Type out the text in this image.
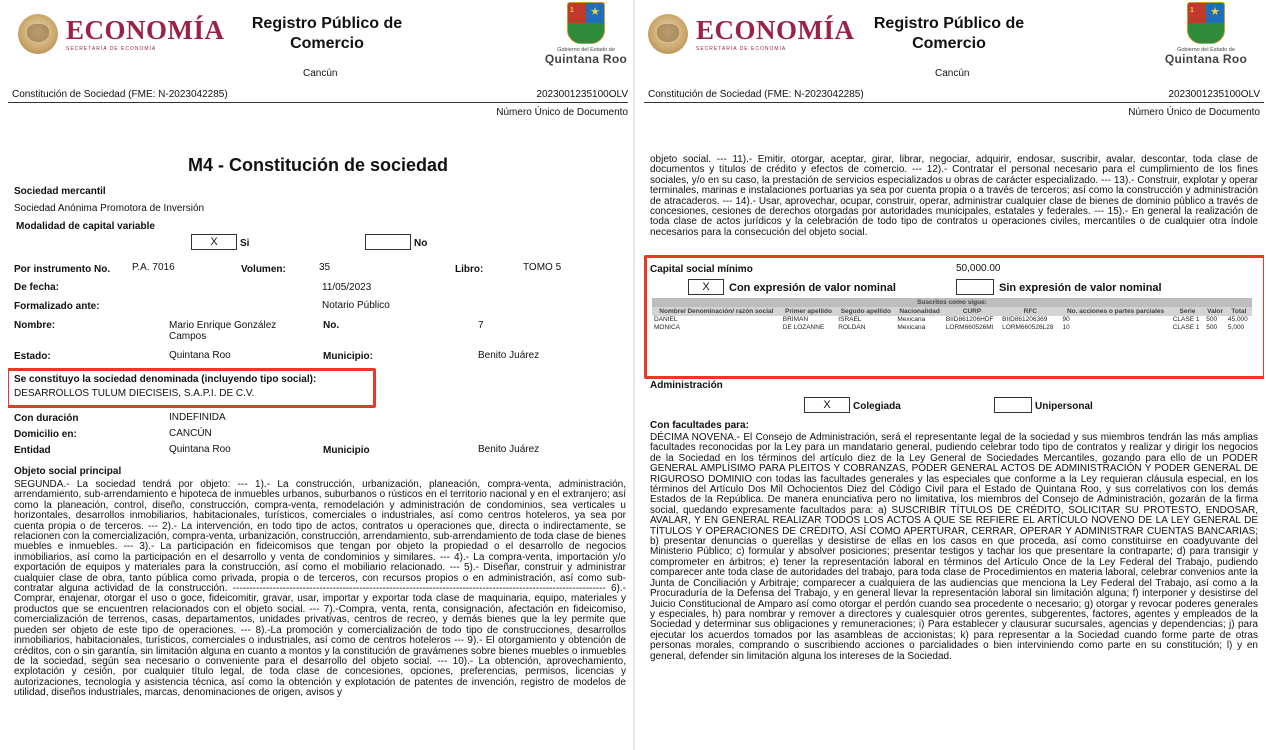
ECONOMÍA
SECRETARÍA DE ECONOMÍA
Registro Público de
Comercio
Cancún
1 ★
Gobierno del Estado de
Quintana Roo
Constitución de Sociedad (FME: N-2023042285)	2023001235100OLV
Número Único de Documento
M4 - Constitución de sociedad
Sociedad mercantil
Sociedad Anónima Promotora de Inversión
Modalidad de capital variable
X Si	No
Por instrumento No. P.A. 7016	Volumen:	35	Libro:	TOMO 5
De fecha:	11/05/2023
Formalizado ante:	Notario Público
Nombre:	Mario Enrique González
Campos
No.	7
Estado:	Quintana Roo	Municipio:	Benito Juárez
Se constituyo la sociedad denominada (incluyendo tipo social):
DESARROLLOS TULUM DIECISEIS, S.A.P.I. DE C.V.
Con duración	INDEFINIDA
Domicilio en:	CANCÚN
Entidad	Quintana Roo	Municipio	Benito Juárez
Objeto social principal
SEGUNDA.- La sociedad tendrá por objeto: --- 1).- La construcción, urbanización, planeación, compra-venta, administración, arrendamiento, sub-arrendamiento e hipoteca de inmuebles urbanos, suburbanos o rústicos en el territorio nacional y en el extranjero; así como la planeación, control, diseño, construcción, compra-venta, remodelación y administración de condominios, sea verticales u horizontales, desarrollos inmobiliarios, habitacionales, turísticos, comerciales o industriales, así como centros hoteleros, ya sea por cuenta propia o de terceros. --- 2).- La intervención, en todo tipo de actos, contratos u operaciones que, directa o indirectamente, se relacionen con la comercialización, compra-venta, urbanización, construcción, arrendamiento, sub-arrendamiento de toda clase de bienes muebles e inmuebles. --- 3).- La participación en fideicomisos que tengan por objeto la propiedad o el desarrollo de negocios inmobiliarios, así como la participación en el desarrollo y venta de condominios y similares. --- 4).- La compra-venta, importación y/o exportación de equipos y materiales para la construcción, así como el mobiliario relacionado. --- 5).- Diseñar, construir y administrar cualquier clase de obra, tanto pública como privada, propia o de terceros, con recursos propios o en administración, así como sub-contratar alguna actividad de la construcción. ---------------------------------------------------------------------------------------------------------------- 6).- Comprar, enajenar, otorgar el uso o goce, fideicomitir, gravar, usar, importar y exportar toda clase de maquinaria, equipo, materiales y productos que se encuentren relacionados con el objeto social. --- 7).-Compra, venta, renta, consignación, afectación en fideicomiso, comercialización de terrenos, casas, departamentos, unidades privativas, centros de recreo, y demás bienes que la ley permite que pueden ser objeto de este tipo de operaciones. --- 8).-La promoción y comercialización de todo tipo de construcciones, desarrollos inmobiliarios, habitacionales, turísticos, comerciales o industriales, así como de centros hoteleros --- 9).- El otorgamiento y obtención de créditos, con o sin garantía, sin limitación alguna en cuanto a montos y la constitución de gravámenes sobre bienes muebles o inmuebles de la sociedad, según sea necesario o conveniente para el desarrollo del objeto social. --- 10).- La obtención, aprovechamiento, explotación y cesión, por cualquier título legal, de toda clase de concesiones, opciones, preferencias, permisos, licencias y autorizaciones, tecnología y asistencia técnica, así como la obtención y explotación de patentes de invención, registro de modelos de utilidad, diseños industriales, marcas, denominaciones de origen, avisos y
ECONOMÍA
SECRETARÍA DE ECONOMÍA
Registro Público de
Comercio
Cancún
1 ★
Gobierno del Estado de
Quintana Roo
Constitución de Sociedad (FME: N-2023042285)	2023001235100OLV
Número Único de Documento
objeto social. --- 11).- Emitir, otorgar, aceptar, girar, librar, negociar, adquirir, endosar, suscribir, avalar, descontar, toda clase de documentos y títulos de crédito y efectos de comercio. --- 12).- Contratar el personal necesario para el cumplimiento de los fines sociales, y/o en su caso, la prestación de servicios especializados u obras de carácter especializado. --- 13).- Construir, explotar y operar terminales, marinas e instalaciones portuarias ya sea por cuenta propia o a través de terceros; así como la construcción y administración de atracaderos. --- 14).- Usar, aprovechar, ocupar, construir, operar, administrar cualquier clase de bienes de dominio público a través de concesiones, cesiones de derechos otorgadas por autoridades municipales, estatales y federales. --- 15).- En general la realización de toda clase de actos jurídicos y la celebración de todo tipo de contratos u operaciones civiles, mercantiles o de cualquier otra índole necesarios para la consecución del objeto social.
Capital social mínimo	50,000.00
X Con expresión de valor nominal	Sin expresión de valor nominal
Suscritos como sigue:
Nombre/ Denominación/ razón social	Primer apellido	Segudo apellido	Nacionalidad	CURP	RFC	No. acciones o partes parciales	Serie	Valor	Total
DANIEL	BRIMAN	ISRAEL	Mexicana	BIID861206HDF	BIID861206369	90	CLASE 1	500	45,000
MONICA	DE LOZANNE	ROLDAN	Mexicana	LORM660526MI	LORM660526L28	10	CLASE 1	500	5,000
Administración
X Colegiada	Unipersonal
Con facultades para:
DÉCIMA NOVENA.- El Consejo de Administración, será el representante legal de la sociedad y sus miembros tendrán las más amplias facultades reconocidas por la Ley para un mandatario general, pudiendo celebrar todo tipo de contratos y realizar y dirigir los negocios de la Sociedad en los términos del artículo diez de la Ley General de Sociedades Mercantiles, gozando para ello de un PODER GENERAL AMPLÍSIMO PARA PLEITOS Y COBRANZAS, PODER GENERAL ACTOS DE ADMINISTRACIÓN Y PODER GENERAL DE RIGUROSO DOMINIO con todas las facultades generales y las especiales que conforme a la Ley requieran cláusula especial, en los términos del Artículo Dos Mil Ochocientos Diez del Código Civil para el Estado de Quintana Roo, y sus correlativos con los demás Estados de la República. De manera enunciativa pero no limitativa, los miembros del Consejo de Administración, gozarán de la firma social, quedando expresamente facultados para: a) SUSCRIBIR TÍTULOS DE CRÉDITO, SOLICITAR SU PROTESTO, ENDOSAR, AVALAR, Y EN GENERAL REALIZAR TODOS LOS ACTOS A QUE SE REFIERE EL ARTÍCULO NOVENO DE LA LEY GENERAL DE TÍTULOS Y OPERACIONES DE CRÉDITO, ASÍ COMO APERTURAR, CERRAR, OPERAR Y ADMINISTRAR CUENTAS BANCARIAS; b) presentar denuncias o querellas y desistirse de ellas en los casos en que proceda, así como constituirse en coadyuvante del Ministerio Público; c) formular y absolver posiciones; presentar testigos y tachar los que presentare la contraparte; d) para transigir y comprometer en árbitros; e) tener la representación laboral en términos del Artículo Once de la Ley Federal del Trabajo, pudiendo comparecer ante toda clase de autoridades del trabajo, para toda clase de Procedimientos en materia laboral, celebrar convenios ante la Junta de Conciliación y Arbitraje; comparecer a cualquiera de las audiencias que menciona la Ley Federal del Trabajo, así como a la Procuraduría de la Defensa del Trabajo, y en general llevar la representación laboral sin limitación alguna; f) interponer y desistirse del Juicio Constitucional de Amparo así como otorgar el perdón cuando sea procedente o necesario; g) otorgar y revocar poderes generales y especiales, h) para nombrar y remover a directores y cualesquier otros gerentes, subgerentes, factores, agentes y empleados de la Sociedad y determinar sus obligaciones y remuneraciones; i) Para establecer y clausurar sucursales, agencias y dependencias; j) para ejecutar los acuerdos tomados por las asambleas de accionistas; k) para representar a la Sociedad cuando forme parte de otras personas morales, comprando o suscribiendo acciones o parcialidades o bien interviniendo como parte en su constitución; l) y en general, defender sin limitación alguna los intereses de la Sociedad.
